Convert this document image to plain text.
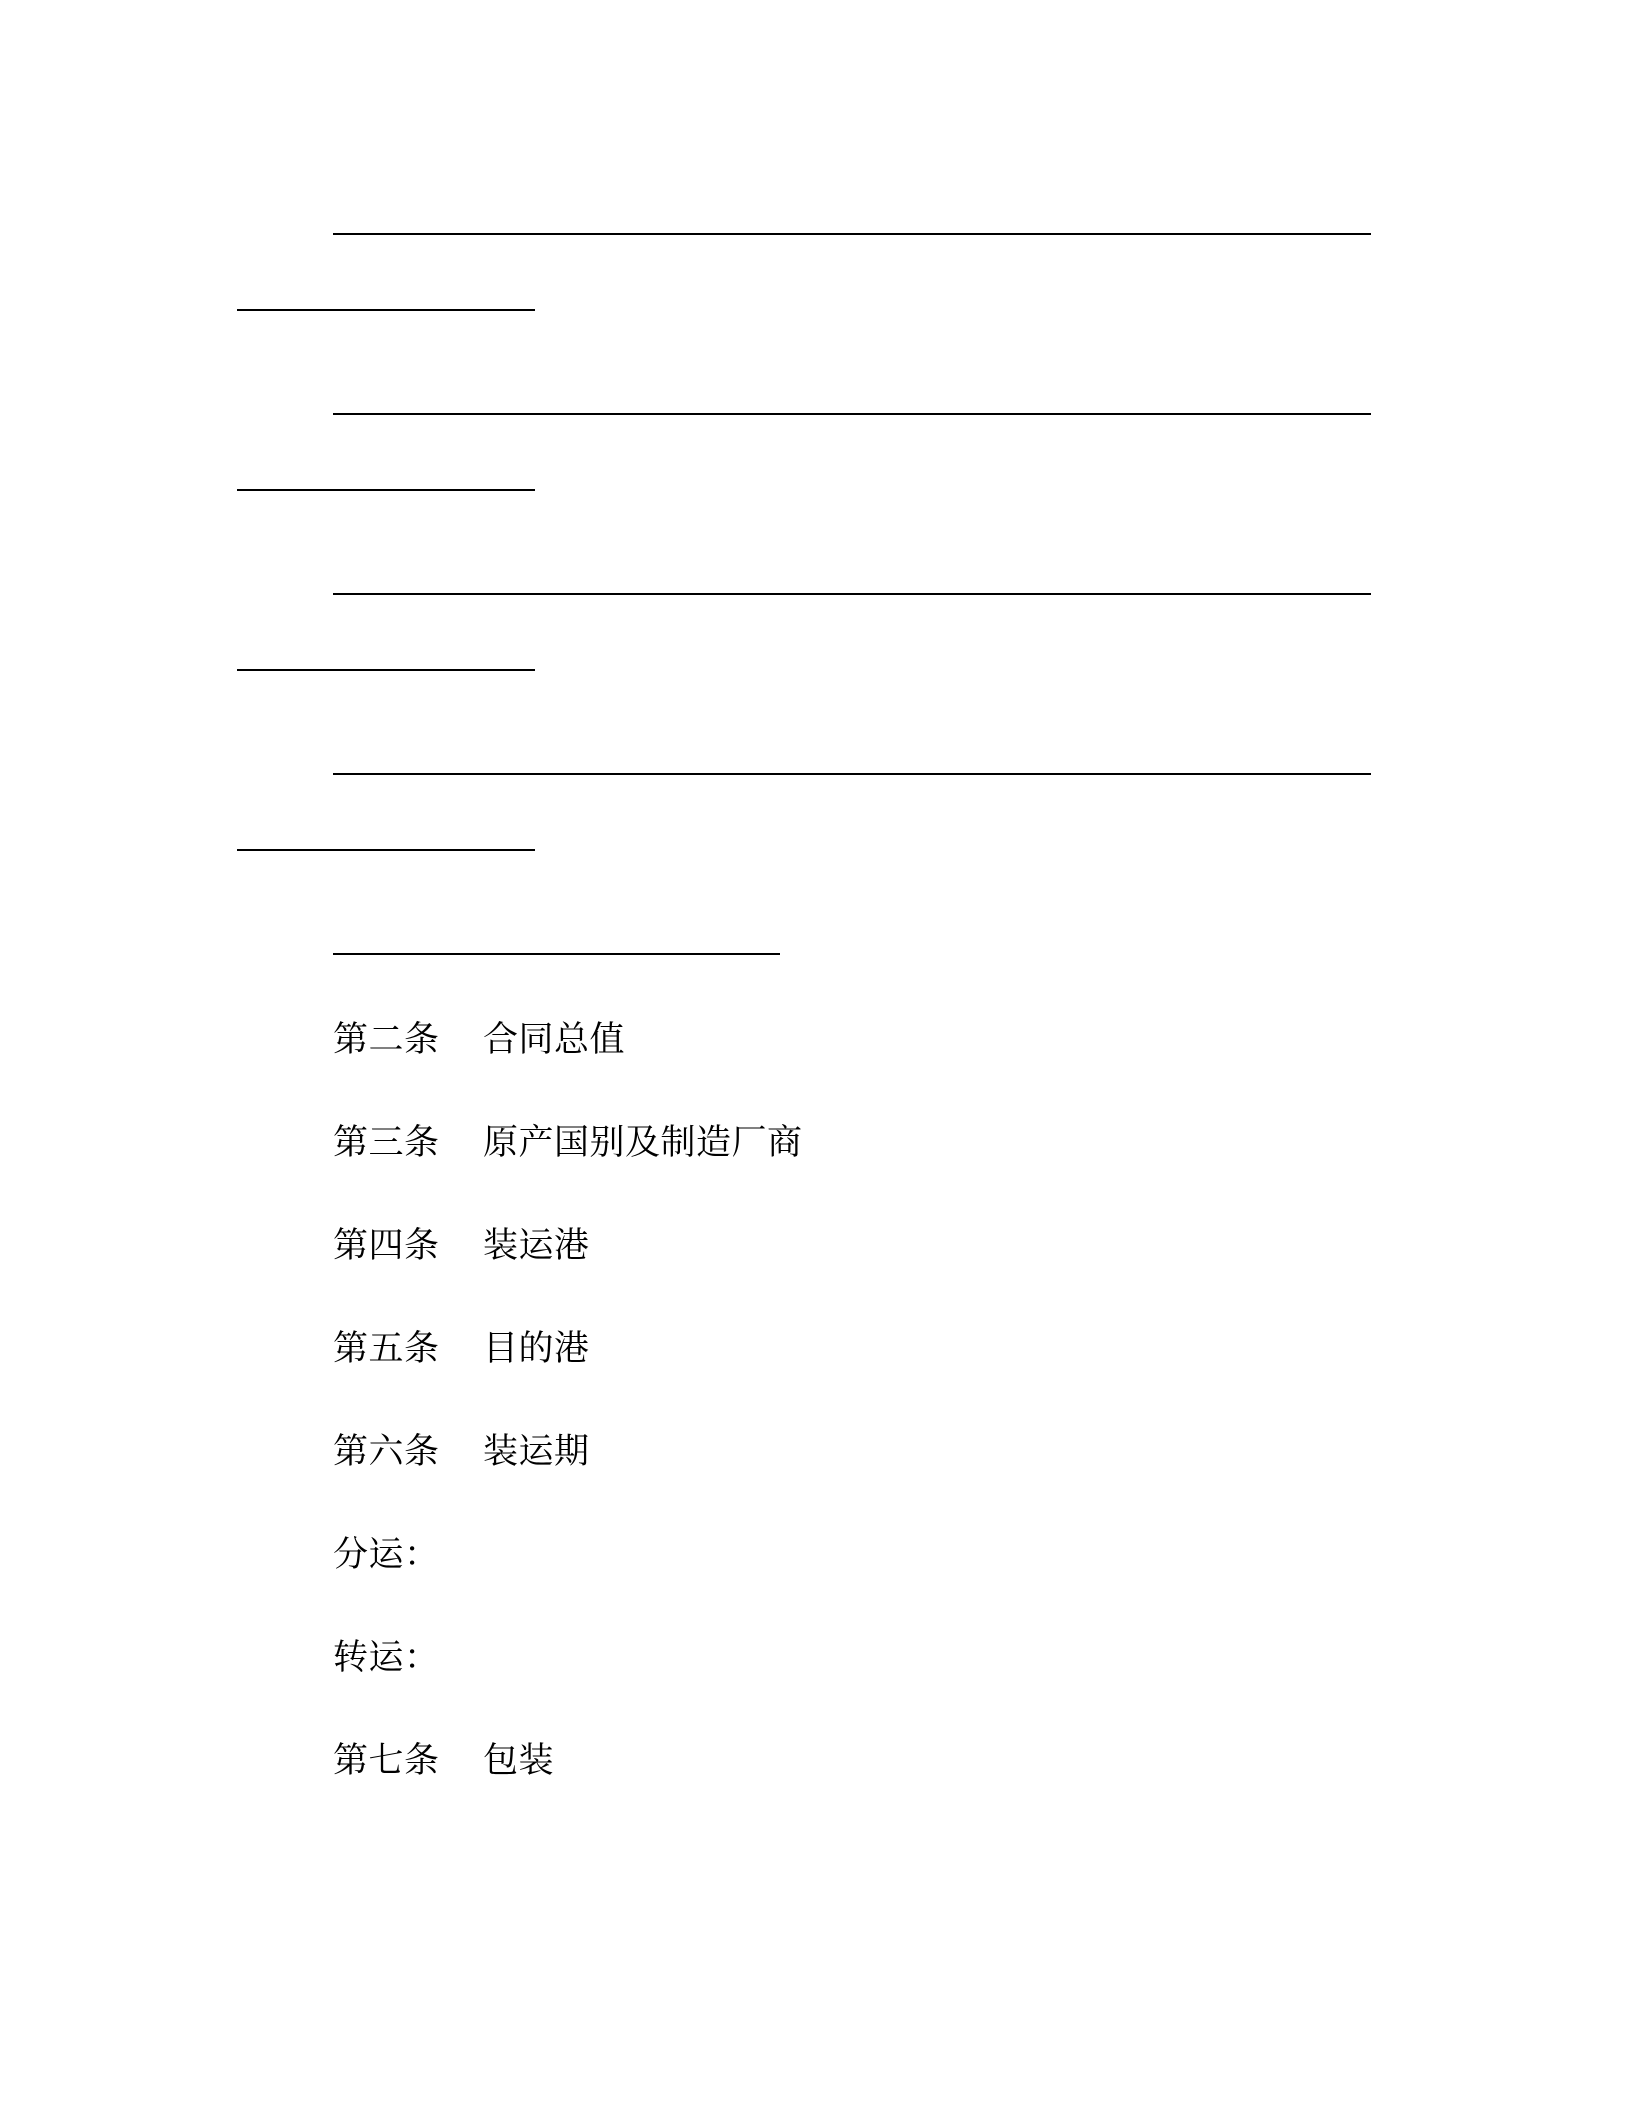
第二条 合同总值
第三条 原产国别及制造厂商
第四条 装运港
第五条 目的港
第六条 装运期
分运：
转运：
第七条 包装
